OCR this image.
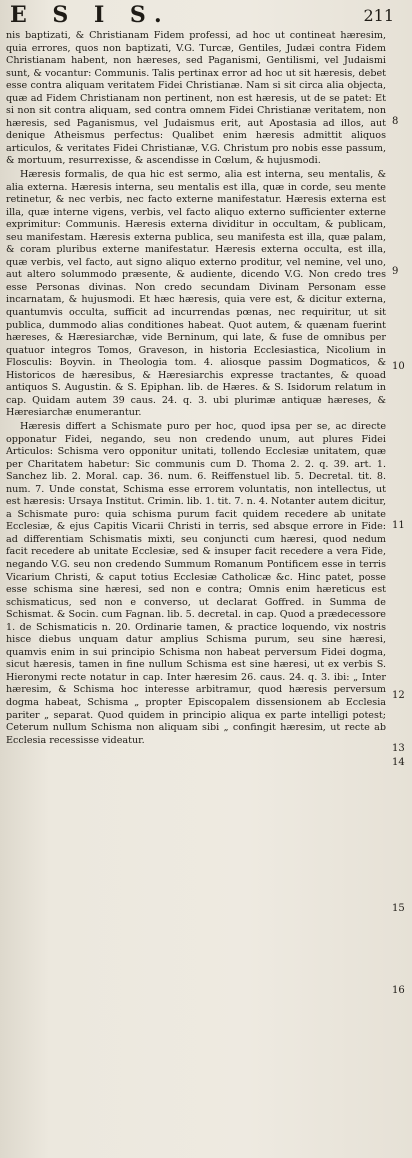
E S I S.	211

nis baptizati, & Christianam Fidem professi, ad hoc ut contineat hæresim, quia errores, quos non baptizati, V.G. Turcæ, Gentiles, Judæi contra Fidem Christianam habent, non hæreses, sed Paganismi, Gentilismi, vel Judaismi sunt, & vocantur: Communis. Talis pertinax error ad hoc ut sit hæresis, debet esse contra aliquam veritatem Fidei Christianæ. Nam si sit circa alia objecta, quæ ad Fidem Christianam non pertinent, non est hæresis, ut de se patet: Et si non sit contra aliquam, sed contra omnem Fidei Christianæ veritatem, non hæresis, sed Paganismus, vel Judaismus erit, aut Apostasia ad illos, aut denique Atheismus perfectus: Qualibet enim hæresis admittit aliquos articulos, & veritates Fidei Christianæ, V.G. Christum pro nobis esse passum, & mortuum, resurrexisse, & ascendisse in Cœlum, & hujusmodi.

Hæresis formalis, de qua hic est sermo, alia est interna, seu mentalis, & alia externa. Hæresis interna, seu mentalis est illa, quæ in corde, seu mente retinetur, & nec verbis, nec facto externe manifestatur. Hæresis externa est illa, quæ interne vigens, verbis, vel facto aliquo externo sufficienter externe exprimitur: Communis. Hæresis externa dividitur in occultam, & publicam, seu manifestam. Hæresis externa publica, seu manifesta est illa, quæ palam, & coram pluribus externe manifestatur. Hæresis externa occulta, est illa, quæ verbis, vel facto, aut signo aliquo externo proditur, vel nemine, vel uno, aut altero solummodo præsente, & audiente, dicendo V.G. Non credo tres esse Personas divinas. Non credo secundam Divinam Personam esse incarnatam, & hujusmodi. Et hæc hæresis, quia vere est, & dicitur externa, quantumvis occulta, sufficit ad incurrendas pœnas, nec requiritur, ut sit publica, dummodo alias conditiones habeat. Quot autem, & quænam fuerint hæreses, & Hæresiarchæ, vide Berninum, qui late, & fuse de omnibus per quatuor integros Tomos, Graveson, in historia Ecclesiastica, Nicolium in Flosculis: Boyvin. in Theologia tom. 4. aliosque passim Dogmaticos, & Historicos de hæresibus, & Hæresiarchis expresse tractantes, & quoad antiquos S. Augustin. & S. Epiphan. lib. de Hæres. & S. Isidorum relatum in cap. Quidam autem 39 caus. 24. q. 3. ubi plurimæ antiquæ hæreses, & Hæresiarchæ enumerantur.

Hæresis differt a Schismate puro per hoc, quod ipsa per se, ac directe opponatur Fidei, negando, seu non credendo unum, aut plures Fidei Articulos: Schisma vero opponitur unitati, tollendo Ecclesiæ unitatem, quæ per Charitatem habetur: Sic communis cum D. Thoma 2. 2. q. 39. art. 1. Sanchez lib. 2. Moral. cap. 36. num. 6. Reiffenstuel lib. 5. Decretal. tit. 8. num. 7. Unde constat, Schisma esse errorem voluntatis, non intellectus, ut est hæresis: Ursaya Institut. Crimin. lib. 1. tit. 7. n. 4. Notanter autem dicitur, a Schismate puro: quia schisma purum facit quidem recedere ab unitate Ecclesiæ, & ejus Capitis Vicarii Christi in terris, sed absque errore in Fide: ad differentiam Schismatis mixti, seu conjuncti cum hæresi, quod nedum facit recedere ab unitate Ecclesiæ, sed & insuper facit recedere a vera Fide, negando V.G. seu non credendo Summum Romanum Pontificem esse in terris Vicarium Christi, & caput totius Ecclesiæ Catholicæ &c. Hinc patet, posse esse schisma sine hæresi, sed non e contra; Omnis enim hæreticus est schismaticus, sed non e converso, ut declarat Goffred. in Summa de Schismat. & Socin. cum Fagnan. lib. 5. decretal. in cap. Quod a prædecessore 1. de Schismaticis n. 20. Ordinarie tamen, & practice loquendo, vix nostris hisce diebus unquam datur amplius Schisma purum, seu sine hæresi, quamvis enim in sui principio Schisma non habeat perversum Fidei dogma, sicut hæresis, tamen in fine nullum Schisma est sine hæresi, ut ex verbis S. Hieronymi recte notatur in cap. Inter hæresim 26. caus. 24. q. 3. ibi: „ Inter hæresim, & Schisma hoc interesse arbitramur, quod hæresis perversum dogma habeat, Schisma „ propter Episcopalem dissensionem ab Ecclesia pariter „ separat. Quod quidem in principio aliqua ex parte intelligi potest; Ceterum nullum Schisma non aliquam sibi „ confingit hæresim, ut recte ab Ecclesia recessisse videatur.

8
9
10
11
12
13
14
15
16
